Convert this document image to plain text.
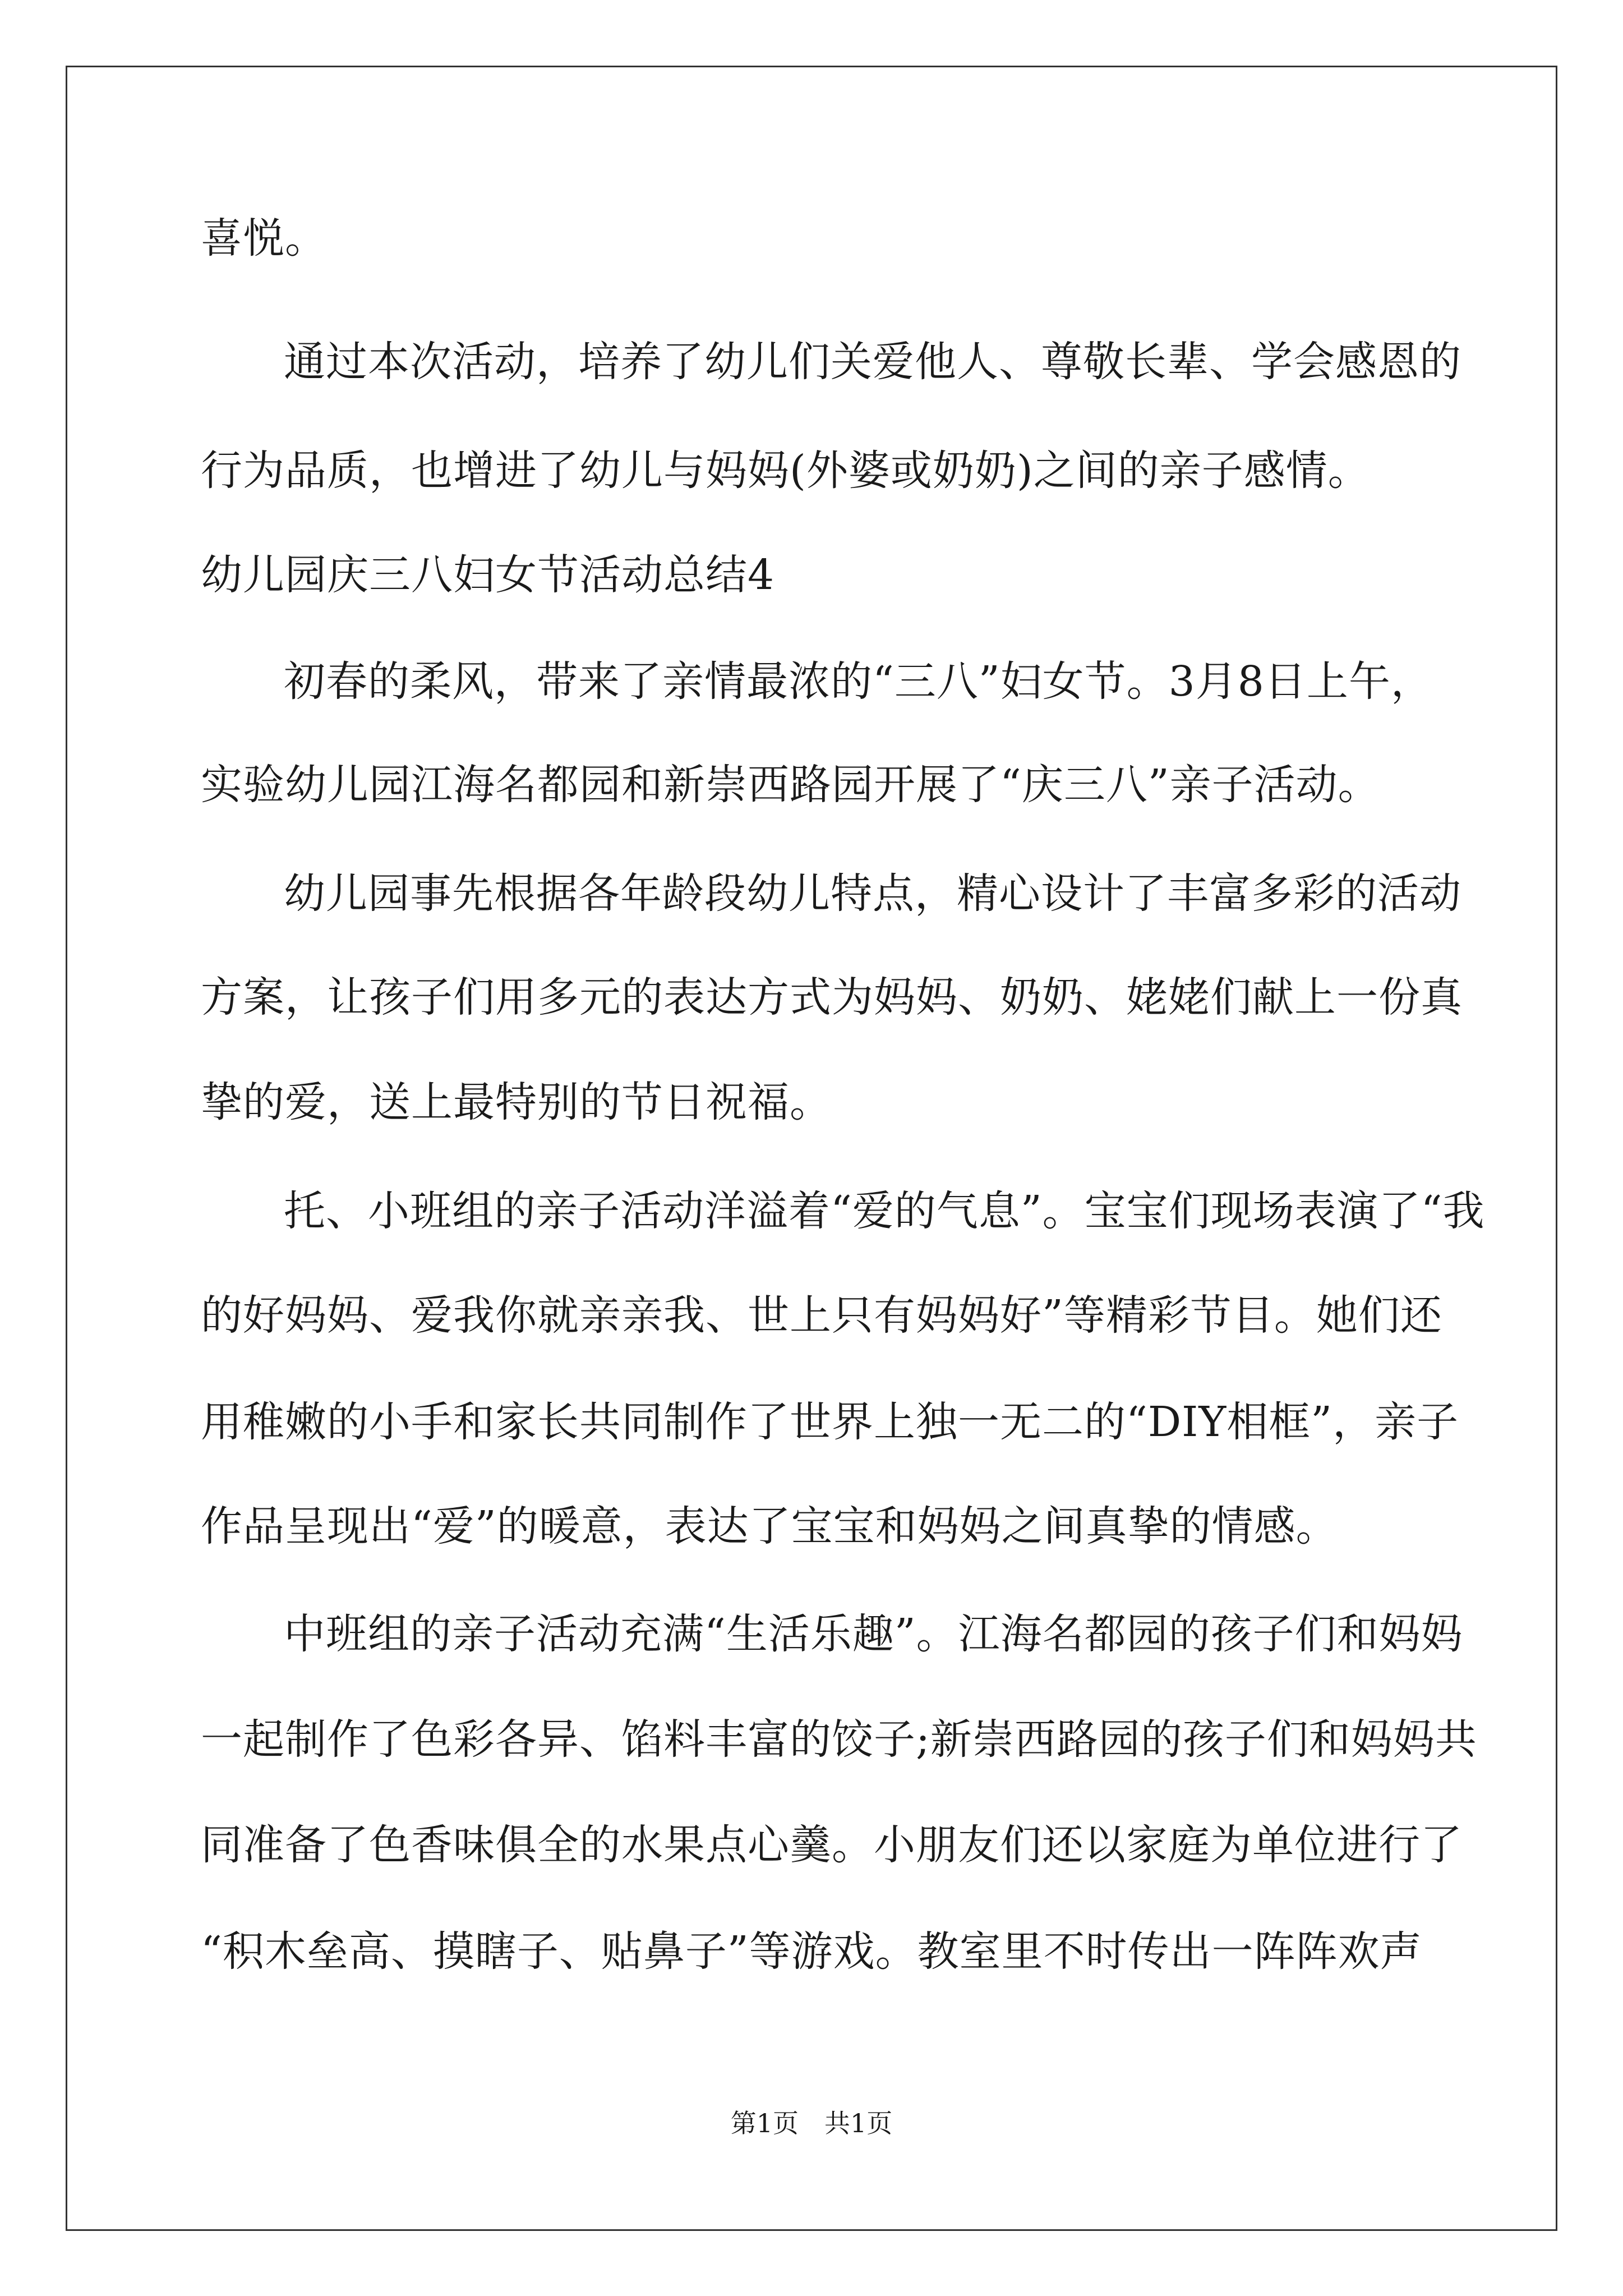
喜悦。
通过本次活动，培养了幼儿们关爱他人、尊敬长辈、学会感恩的
行为品质，也增进了幼儿与妈妈(外婆或奶奶)之间的亲子感情。
幼儿园庆三八妇女节活动总结4
初春的柔风，带来了亲情最浓的“三八”妇女节。3月8日上午，
实验幼儿园江海名都园和新崇西路园开展了“庆三八”亲子活动。
幼儿园事先根据各年龄段幼儿特点，精心设计了丰富多彩的活动
方案，让孩子们用多元的表达方式为妈妈、奶奶、姥姥们献上一份真
挚的爱，送上最特别的节日祝福。
托、小班组的亲子活动洋溢着“爱的气息”。宝宝们现场表演了“我
的好妈妈、爱我你就亲亲我、世上只有妈妈好”等精彩节目。她们还
用稚嫩的小手和家长共同制作了世界上独一无二的“DIY相框”，亲子
作品呈现出“爱”的暖意，表达了宝宝和妈妈之间真挚的情感。
中班组的亲子活动充满“生活乐趣”。江海名都园的孩子们和妈妈
一起制作了色彩各异、馅料丰富的饺子;新崇西路园的孩子们和妈妈共
同准备了色香味俱全的水果点心羹。小朋友们还以家庭为单位进行了
“积木垒高、摸瞎子、贴鼻子”等游戏。教室里不时传出一阵阵欢声
第1页　共1页
